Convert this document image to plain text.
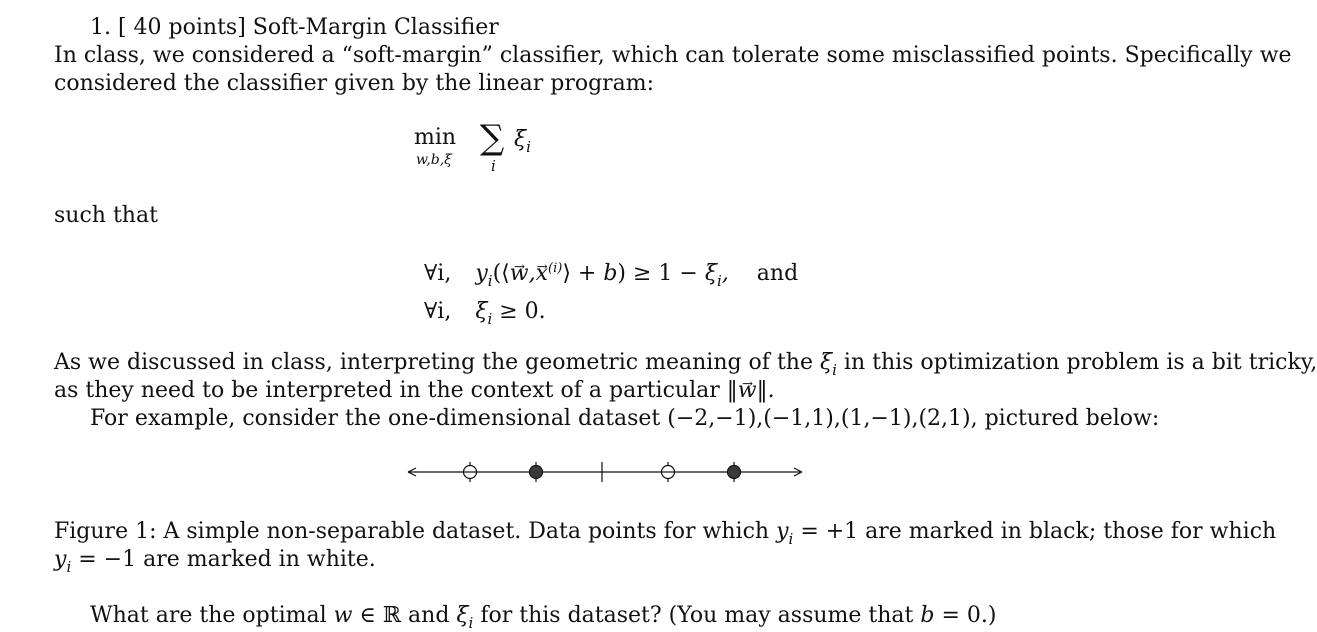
1. [ 40 points] Soft-Margin Classifier
In class, we considered a “soft-margin” classifier, which can tolerate some misclassified points. Specifically we
considered the classifier given by the linear program:
min
w,b,ξ
∑ $\xi_i$
i
such that
∀i, $y_i(⟨w \to,x$ →$^{(i)}$⟩ + $b) \ge 1 - \xi_i$,  and
∀i, $\xi_i \ge 0$.
As we discussed in class, interpreting the geometric meaning of the $\xi_i$ in this optimization problem is a bit tricky,
as they need to be interpreted in the context of a particular ‖w →‖.
For example, consider the one-dimensional dataset (−2,−1),(−1,1),(1,−1),(2,1), pictured below:
Figure 1: A simple non-separable dataset. Data points for which $y_i = +1$ are marked in black; those for which
$y_i = -1$ are marked in white.
What are the optimal w ∈ ℝ and $\xi_i$ for this dataset? (You may assume that b = 0.)
